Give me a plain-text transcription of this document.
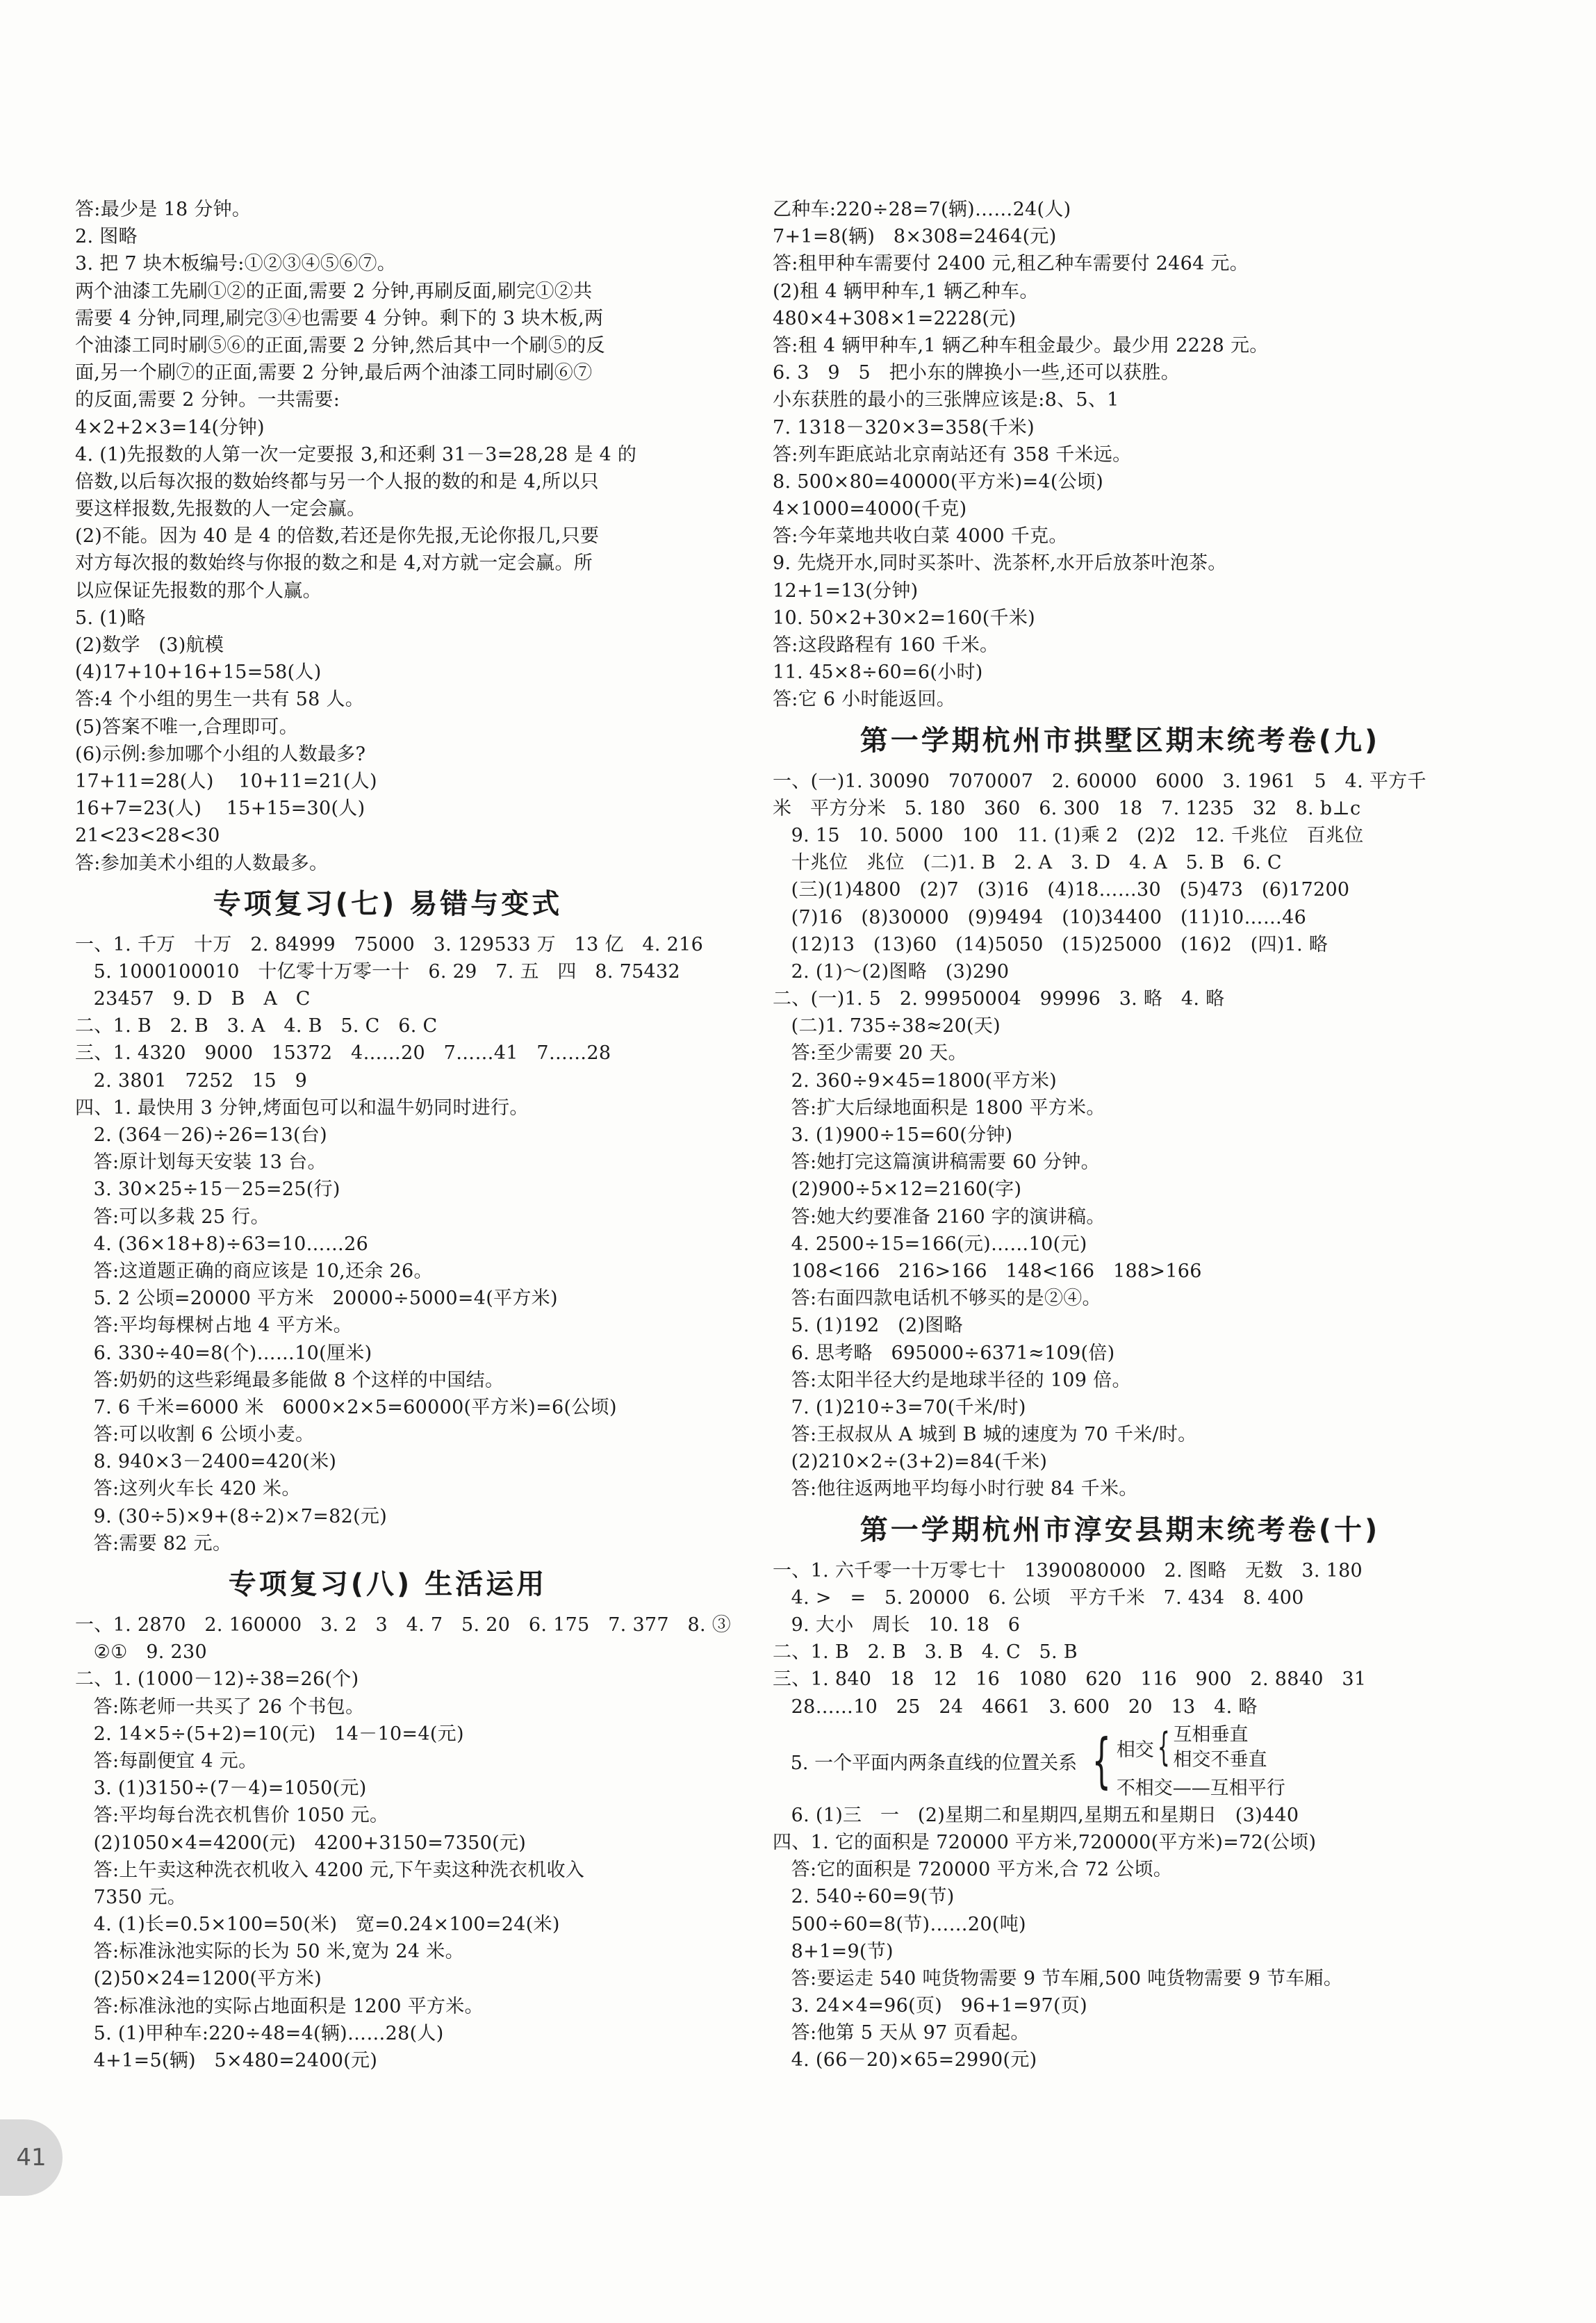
答:最少是 18 分钟。
2. 图略
3. 把 7 块木板编号:①②③④⑤⑥⑦。
两个油漆工先刷①②的正面,需要 2 分钟,再刷反面,刷完①②共
需要 4 分钟,同理,刷完③④也需要 4 分钟。剩下的 3 块木板,两
个油漆工同时刷⑤⑥的正面,需要 2 分钟,然后其中一个刷⑤的反
面,另一个刷⑦的正面,需要 2 分钟,最后两个油漆工同时刷⑥⑦
的反面,需要 2 分钟。一共需要:
4×2+2×3=14(分钟)
4. (1)先报数的人第一次一定要报 3,和还剩 31－3=28,28 是 4 的
倍数,以后每次报的数始终都与另一个人报的数的和是 4,所以只
要这样报数,先报数的人一定会赢。
(2)不能。因为 40 是 4 的倍数,若还是你先报,无论你报几,只要
对方每次报的数始终与你报的数之和是 4,对方就一定会赢。所
以应保证先报数的那个人赢。
5. (1)略
(2)数学   (3)航模
(4)17+10+16+15=58(人)
答:4 个小组的男生一共有 58 人。
(5)答案不唯一,合理即可。
(6)示例:参加哪个小组的人数最多?
17+11=28(人)    10+11=21(人)
16+7=23(人)    15+15=30(人)
21<23<28<30
答:参加美术小组的人数最多。
专项复习(七) 易错与变式
一、1. 千万   十万   2. 84999   75000   3. 129533 万   13 亿   4. 216
5. 1000100010   十亿零十万零一十   6. 29   7. 五   四   8. 75432
23457   9. D   B   A   C
二、1. B   2. B   3. A   4. B   5. C   6. C
三、1. 4320   9000   15372   4……20   7……41   7……28
2. 3801   7252   15   9
四、1. 最快用 3 分钟,烤面包可以和温牛奶同时进行。
2. (364－26)÷26=13(台)
答:原计划每天安装 13 台。
3. 30×25÷15－25=25(行)
答:可以多栽 25 行。
4. (36×18+8)÷63=10……26
答:这道题正确的商应该是 10,还余 26。
5. 2 公顷=20000 平方米   20000÷5000=4(平方米)
答:平均每棵树占地 4 平方米。
6. 330÷40=8(个)……10(厘米)
答:奶奶的这些彩绳最多能做 8 个这样的中国结。
7. 6 千米=6000 米   6000×2×5=60000(平方米)=6(公顷)
答:可以收割 6 公顷小麦。
8. 940×3－2400=420(米)
答:这列火车长 420 米。
9. (30÷5)×9+(8÷2)×7=82(元)
答:需要 82 元。
专项复习(八) 生活运用
一、1. 2870   2. 160000   3. 2   3   4. 7   5. 20   6. 175   7. 377   8. ③
②①   9. 230
二、1. (1000－12)÷38=26(个)
答:陈老师一共买了 26 个书包。
2. 14×5÷(5+2)=10(元)   14－10=4(元)
答:每副便宜 4 元。
3. (1)3150÷(7－4)=1050(元)
答:平均每台洗衣机售价 1050 元。
(2)1050×4=4200(元)   4200+3150=7350(元)
答:上午卖这种洗衣机收入 4200 元,下午卖这种洗衣机收入
7350 元。
4. (1)长=0.5×100=50(米)   宽=0.24×100=24(米)
答:标准泳池实际的长为 50 米,宽为 24 米。
(2)50×24=1200(平方米)
答:标准泳池的实际占地面积是 1200 平方米。
5. (1)甲种车:220÷48=4(辆)……28(人)
4+1=5(辆)   5×480=2400(元)
乙种车:220÷28=7(辆)……24(人)
7+1=8(辆)   8×308=2464(元)
答:租甲种车需要付 2400 元,租乙种车需要付 2464 元。
(2)租 4 辆甲种车,1 辆乙种车。
480×4+308×1=2228(元)
答:租 4 辆甲种车,1 辆乙种车租金最少。最少用 2228 元。
6. 3   9   5   把小东的牌换小一些,还可以获胜。
小东获胜的最小的三张牌应该是:8、5、1
7. 1318－320×3=358(千米)
答:列车距底站北京南站还有 358 千米远。
8. 500×80=40000(平方米)=4(公顷)
4×1000=4000(千克)
答:今年菜地共收白菜 4000 千克。
9. 先烧开水,同时买茶叶、洗茶杯,水开后放茶叶泡茶。
12+1=13(分钟)
10. 50×2+30×2=160(千米)
答:这段路程有 160 千米。
11. 45×8÷60=6(小时)
答:它 6 小时能返回。
第一学期杭州市拱墅区期末统考卷(九)
一、(一)1. 30090   7070007   2. 60000   6000   3. 1961   5   4. 平方千
米   平方分米   5. 180   360   6. 300   18   7. 1235   32   8. b⊥c
9. 15   10. 5000   100   11. (1)乘 2   (2)2   12. 千兆位   百兆位
十兆位   兆位   (二)1. B   2. A   3. D   4. A   5. B   6. C
(三)(1)4800   (2)7   (3)16   (4)18……30   (5)473   (6)17200
(7)16   (8)30000   (9)9494   (10)34400   (11)10……46
(12)13   (13)60   (14)5050   (15)25000   (16)2   (四)1. 略
2. (1)～(2)图略   (3)290
二、(一)1. 5   2. 99950004   99996   3. 略   4. 略
(二)1. 735÷38≈20(天)
答:至少需要 20 天。
2. 360÷9×45=1800(平方米)
答:扩大后绿地面积是 1800 平方米。
3. (1)900÷15=60(分钟)
答:她打完这篇演讲稿需要 60 分钟。
(2)900÷5×12=2160(字)
答:她大约要准备 2160 字的演讲稿。
4. 2500÷15=166(元)……10(元)
108<166   216>166   148<166   188>166
答:右面四款电话机不够买的是②④。
5. (1)192   (2)图略
6. 思考略   695000÷6371≈109(倍)
答:太阳半径大约是地球半径的 109 倍。
7. (1)210÷3=70(千米/时)
答:王叔叔从 A 城到 B 城的速度为 70 千米/时。
(2)210×2÷(3+2)=84(千米)
答:他往返两地平均每小时行驶 84 千米。
第一学期杭州市淳安县期末统考卷(十)
一、1. 六千零一十万零七十   1390080000   2. 图略   无数   3. 180
4. >   =   5. 20000   6. 公顷   平方千米   7. 434   8. 400
9. 大小   周长   10. 18   6
二、1. B   2. B   3. B   4. C   5. B
三、1. 840   18   12   16   1080   620   116   900   2. 8840   31
28……10   25   24   4661   3. 600   20   13   4. 略
5. 一个平面内两条直线的位置关系 { 相交 { 互相垂直
相交不垂直
不相交——互相平行
6. (1)三   一   (2)星期二和星期四,星期五和星期日   (3)440
四、1. 它的面积是 720000 平方米,720000(平方米)=72(公顷)
答:它的面积是 720000 平方米,合 72 公顷。
2. 540÷60=9(节)
500÷60=8(节)……20(吨)
8+1=9(节)
答:要运走 540 吨货物需要 9 节车厢,500 吨货物需要 9 节车厢。
3. 24×4=96(页)   96+1=97(页)
答:他第 5 天从 97 页看起。
4. (66－20)×65=2990(元)
41
